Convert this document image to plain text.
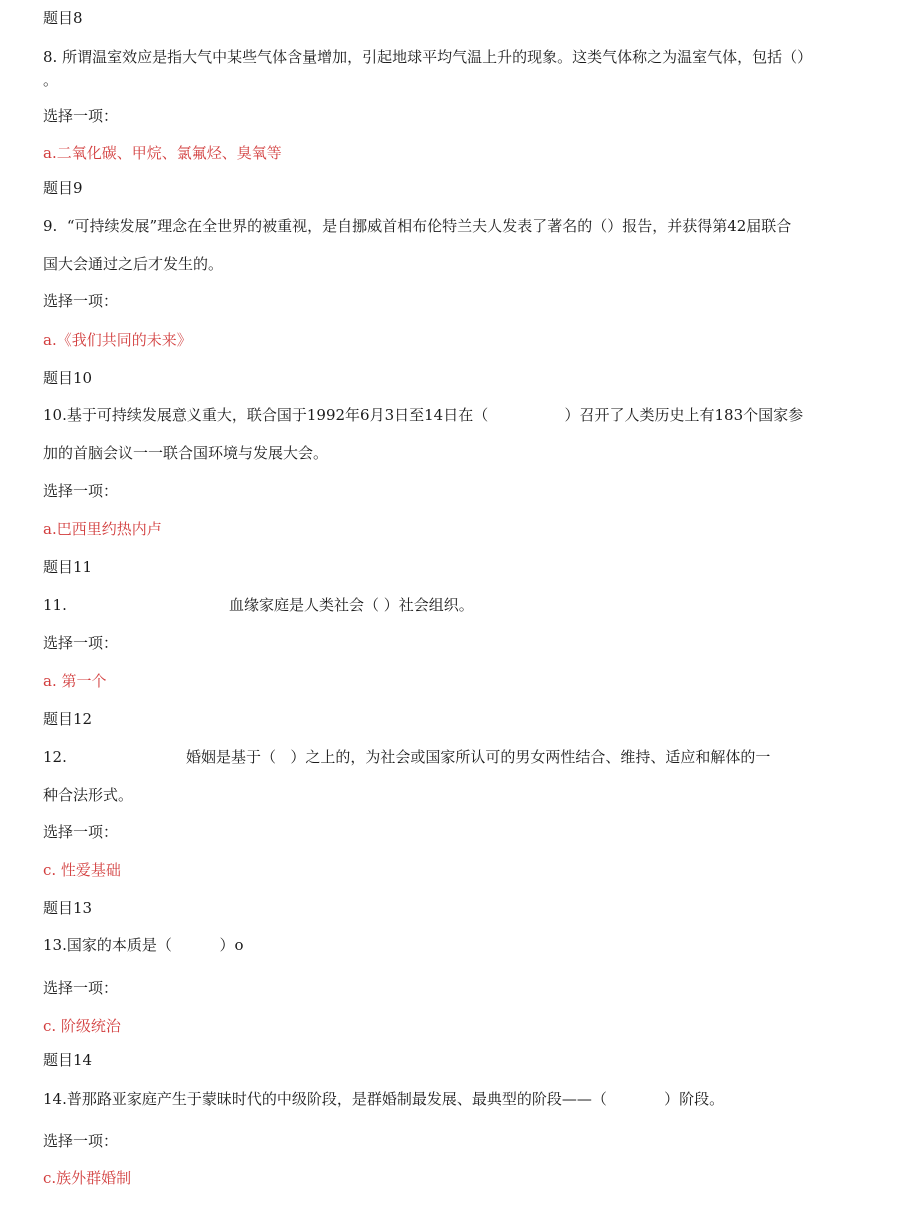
题目8

8. 所谓温室效应是指大气中某些气体含量增加，引起地球平均气温上升的现象。这类气体称之为温室气体，包括（）

。

选择一项：

a.二氧化碳、甲烷、氯氟烃、臭氧等

题目9

9.  “可持续发展”理念在全世界的被重视，是自挪威首相布伦特兰夫人发表了著名的（）报告，并获得第42届联合

国大会通过之后才发生的。

选择一项：

a.《我们共同的未来》

题目10

10.基于可持续发展意义重大，联合国于1992年6月3日至14日在（                ）召开了人类历史上有183个国家参

加的首脑会议一一联合国环境与发展大会。

选择一项：

a.巴西里约热内卢

题目11

11.                                  血缘家庭是人类社会（ ）社会组织。

选择一项：

a. 第一个

题目12

12.                         婚姻是基于（   ）之上的，为社会或国家所认可的男女两性结合、维持、适应和解体的一

种合法形式。

选择一项：

c. 性爱基础

题目13

13.国家的本质是（          ）o

选择一项：

c. 阶级统治

题目14

14.普那路亚家庭产生于蒙昧时代的中级阶段，是群婚制最发展、最典型的阶段——（            ）阶段。

选择一项：

c.族外群婚制
